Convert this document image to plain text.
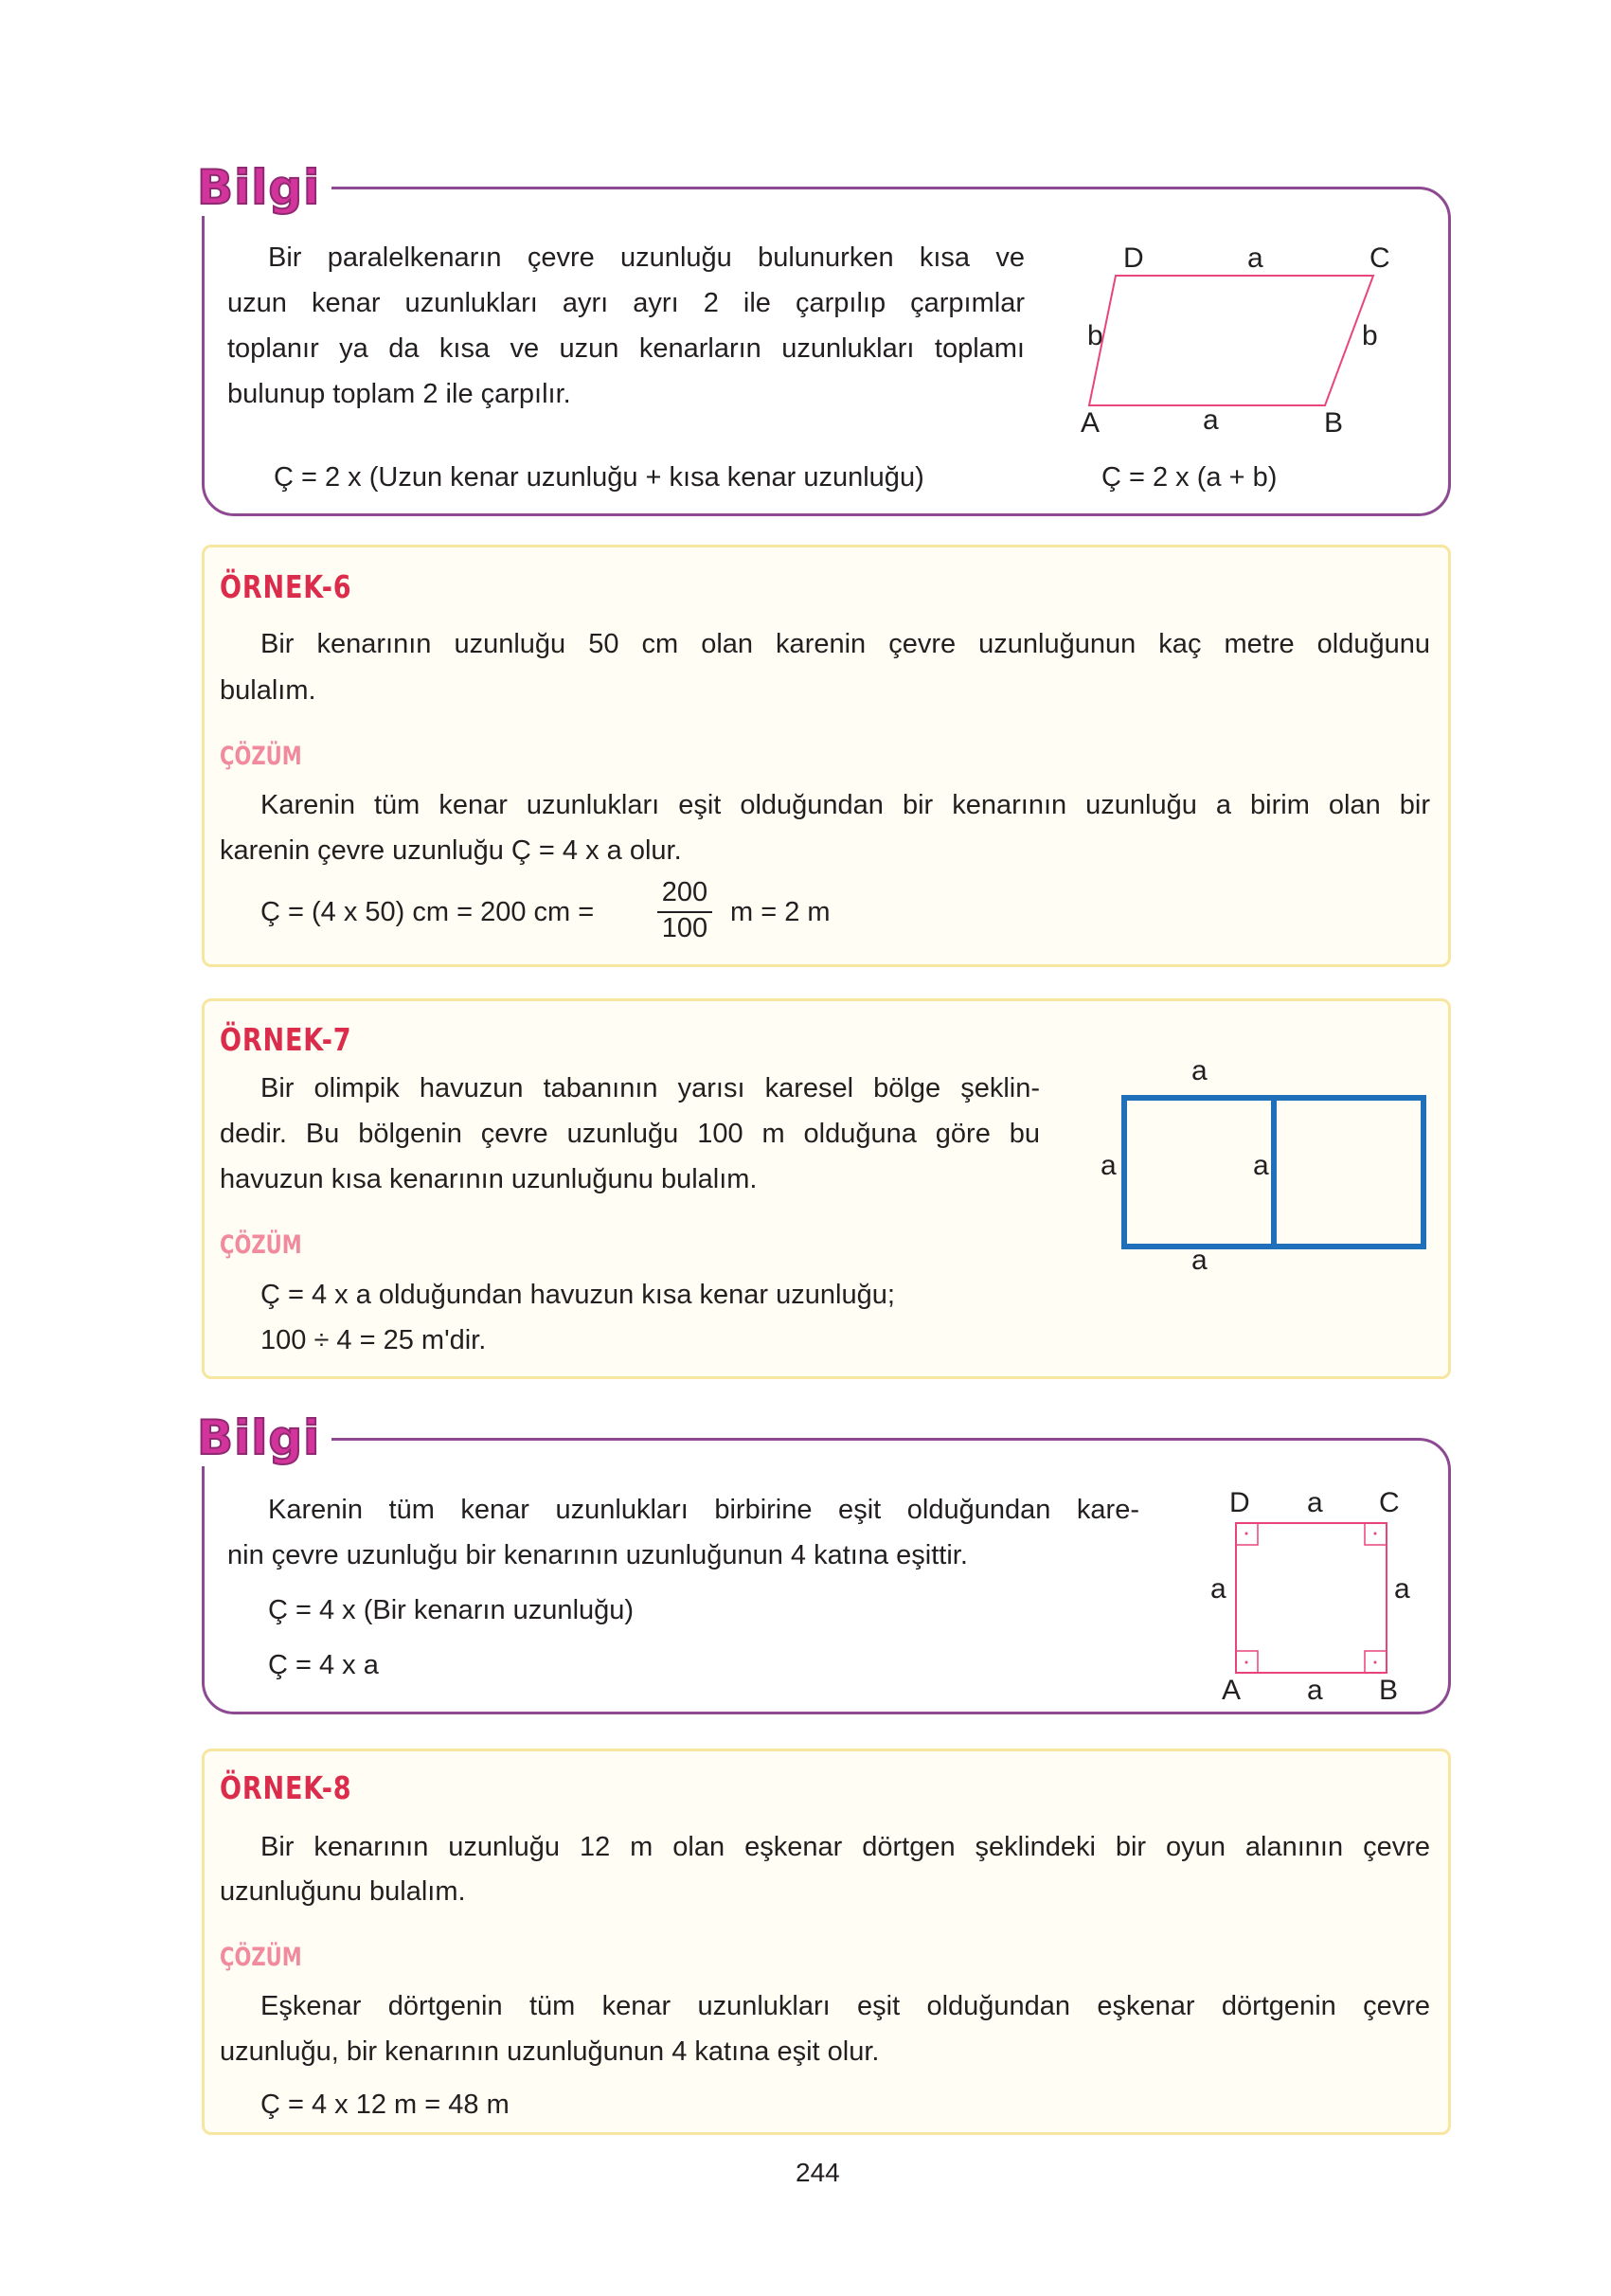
Bilgi
Bir paralelkenarın çevre uzunluğu bulunurken kısa ve
uzun kenar uzunlukları ayrı ayrı 2 ile çarpılıp çarpımlar
toplanır ya da kısa ve uzun kenarların uzunlukları toplamı
bulunup toplam 2 ile çarpılır.
Ç = 2 x (Uzun kenar uzunluğu + kısa kenar uzunluğu)	Ç = 2 x (a + b)
D	a	C
b	b
A	a	B
ÖRNEK-6
Bir kenarının uzunluğu 50 cm olan karenin çevre uzunluğunun kaç metre olduğunu
bulalım.
ÇÖZÜM
Karenin tüm kenar uzunlukları eşit olduğundan bir kenarının uzunluğu a birim olan bir
karenin çevre uzunluğu Ç = 4 x a olur.
Ç = (4 x 50) cm = 200 cm =
200
100
m = 2 m
ÖRNEK-7
Bir olimpik havuzun tabanının yarısı karesel bölge şeklin-
dedir. Bu bölgenin çevre uzunluğu 100 m olduğuna göre bu
havuzun kısa kenarının uzunluğunu bulalım.
ÇÖZÜM
Ç = 4 x a olduğundan havuzun kısa kenar uzunluğu;
100 ÷ 4 = 25 m'dir.
a
a	a
a
Bilgi
Karenin tüm kenar uzunlukları birbirine eşit olduğundan kare-
nin çevre uzunluğu bir kenarının uzunluğunun 4 katına eşittir.
Ç = 4 x (Bir kenarın uzunluğu)
Ç = 4 x a
D a C
a	a
A a B
ÖRNEK-8
Bir kenarının uzunluğu 12 m olan eşkenar dörtgen şeklindeki bir oyun alanının çevre
uzunluğunu bulalım.
ÇÖZÜM
Eşkenar dörtgenin tüm kenar uzunlukları eşit olduğundan eşkenar dörtgenin çevre
uzunluğu, bir kenarının uzunluğunun 4 katına eşit olur.
Ç = 4 x 12 m = 48 m
244
